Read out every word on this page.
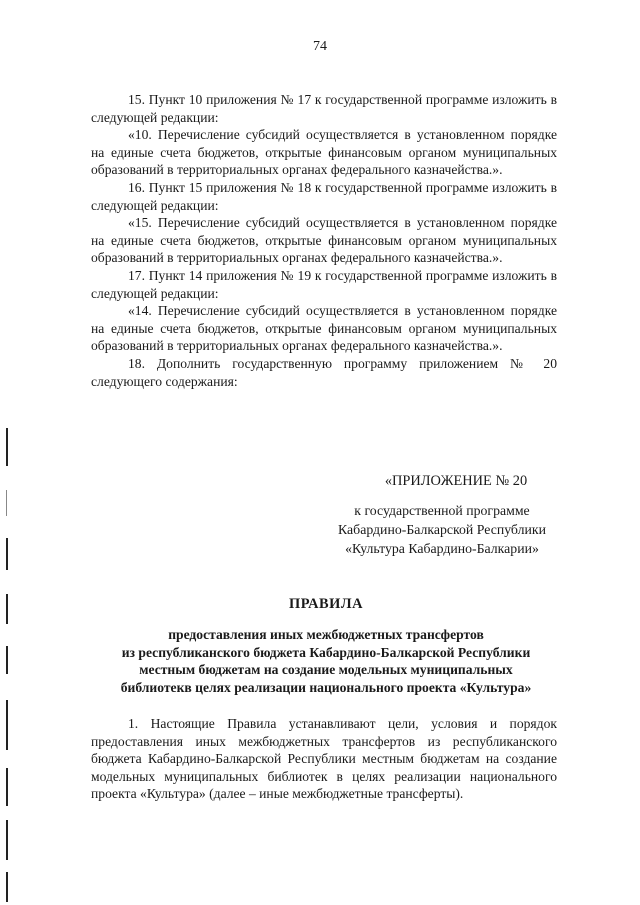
74

15. Пункт 10 приложения № 17 к государственной программе изложить в следующей редакции:

«10. Перечисление субсидий осуществляется в установленном порядке на единые счета бюджетов, открытые финансовым органом муниципальных образований в территориальных органах федерального казначейства.».

16. Пункт 15 приложения № 18 к государственной программе изложить в следующей редакции:

«15. Перечисление субсидий осуществляется в установленном порядке на единые счета бюджетов, открытые финансовым органом муниципальных образований в территориальных органах федерального казначейства.».

17. Пункт 14 приложения № 19 к государственной программе изложить в следующей редакции:

«14. Перечисление субсидий осуществляется в установленном порядке на единые счета бюджетов, открытые финансовым органом муниципальных образований в территориальных органах федерального казначейства.».

18. Дополнить государственную программу приложением № 20 следующего содержания:

«ПРИЛОЖЕНИЕ № 20
к государственной программе
Кабардино-Балкарской Республики
«Культура Кабардино-Балкарии»
ПРАВИЛА
предоставления иных межбюджетных трансфертов
из республиканского бюджета Кабардино-Балкарской Республики
местным бюджетам на создание модельных муниципальных
библиотекв целях реализации национального проекта «Культура»

1. Настоящие Правила устанавливают цели, условия и порядок предоставления иных межбюджетных трансфертов из республиканского бюджета Кабардино-Балкарской Республики местным бюджетам на создание модельных муниципальных библиотек в целях реализации национального проекта «Культура» (далее – иные межбюджетные трансферты).
